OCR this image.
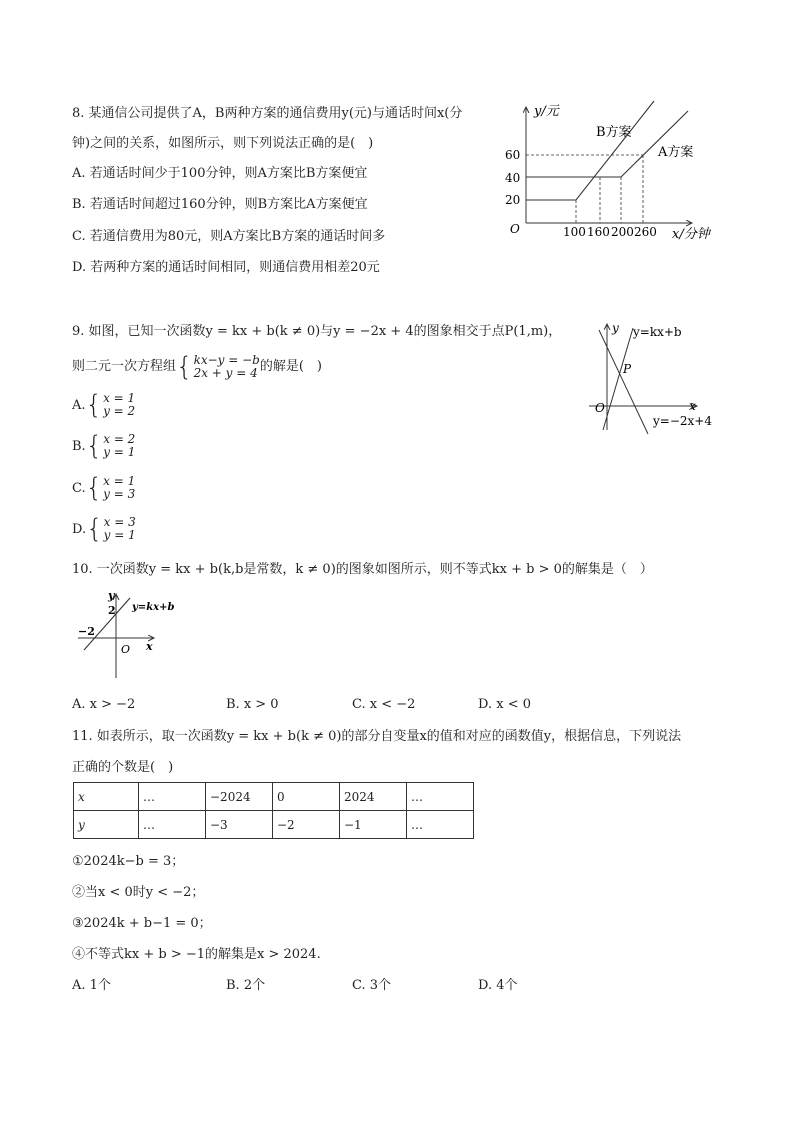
8. 某通信公司提供了A，B两种方案的通信费用y(元)与通话时间x(分
钟)之间的关系，如图所示，则下列说法正确的是(　)
A. 若通话时间少于100分钟，则A方案比B方案便宜
B. 若通话时间超过160分钟，则B方案比A方案便宜
C. 若通信费用为80元，则A方案比B方案的通话时间多
D. 若两种方案的通话时间相同，则通信费用相差20元
y/元
x/分钟
O
60
40
20
100 160 200 260
B方案
A方案
9. 如图，已知一次函数y = kx + b(k ≠ 0)与y = −2x + 4的图象相交于点P(1,m)，
则二元一次方程组 { kx−y = −b
2x + y = 4 的解是(　)
A. { x = 1
y = 2
B. { x = 2
y = 1
C. { x = 1
y = 3
D. { x = 3
y = 1
y
x
O
P
y=kx+b
y=−2x+4
10. 一次函数y = kx + b(k,b是常数，k ≠ 0)的图象如图所示，则不等式kx + b > 0的解集是（　）
y
x
O
2
−2
y=kx+b
A. x > −2	B. x > 0	C. x < −2	D. x < 0
11. 如表所示，取一次函数y = kx + b(k ≠ 0)的部分自变量x的值和对应的函数值y，根据信息，下列说法
正确的个数是(　)
x	…	−2024	0	2024	…
y	…	−3	−2	−1	…
①2024k−b = 3；
②当x < 0时y < −2；
③2024k + b−1 = 0；
④不等式kx + b > −1的解集是x > 2024.
A. 1个	B. 2个	C. 3个	D. 4个
